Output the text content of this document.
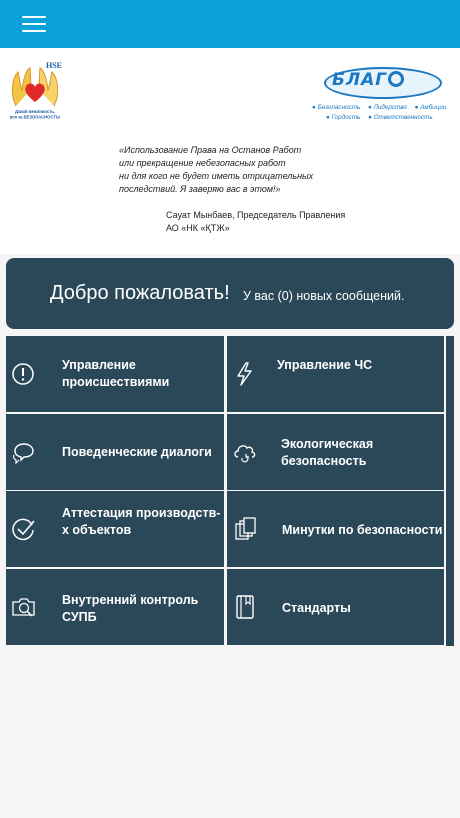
HSE
Давай вежливость,
вся за БЕЗОПАСНОСТЬ!
БЛАГ
● Безопасность ● Лидерство ● Амбиции
● Гордость ● Ответственность
«Использование Права на Останов Работ
или прекращение небезопасных работ
ни для кого не будет иметь отрицательных
последствий. Я заверяю вас в этом!»
Сауат Мынбаев, Председатель Правления
АО «НК «ҚТЖ»
Добро пожаловать! У вас (0) новых сообщений.
Управление происшествиями
Управление ЧС
Поведенческие диалоги
Экологическая безопасность
Аттестация производств-х объектов	Минутки по безопасности
Внутренний контроль СУПБ
Стандарты
